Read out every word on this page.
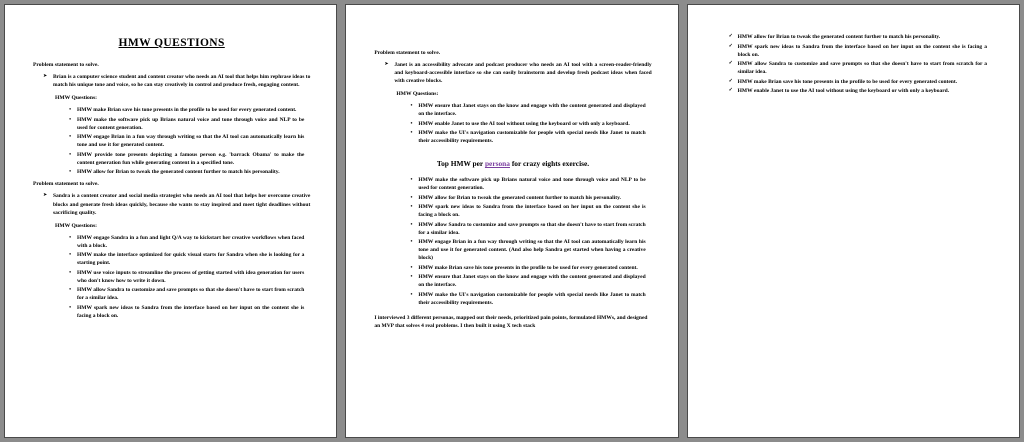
HMW QUESTIONS
Problem statement to solve.
➤	Brian is a computer science student and content creator who needs an AI tool that helps him rephrase ideas to match his unique tone and voice, so he can stay creatively in control and produce fresh, engaging content.
HMW Questions:
● HMW make Brian save his tone presents in the profile to be used for every generated content.
● HMW make the software pick up Brians natural voice and tone through voice and NLP to be used for content generation.
● HMW engage Brian in a fun way through writing so that the AI tool can automatically learn his tone and use it for generated content.
● HMW provide tone presents depicting a famous person e.g. 'barrack Obama' to make the content generation fun while generating content in a specified tone.
● HMW allow for Brian to tweak the generated content further to match his personality.
Problem statement to solve.
➤	Sandra is a content creator and social media strategist who needs an AI tool that helps her overcome creative blocks and generate fresh ideas quickly, because she wants to stay inspired and meet tight deadlines without sacrificing quality.
HMW Questions:
● HMW engage Sandra in a fun and light Q/A way to kickstart her creative workflows when faced with a block.
● HMW make the interface optimized for quick visual starts for Sandra when she is looking for a starting point.
● HMW use voice inputs to streamline the process of getting started with idea generation for users who don't know how to write it down.
● HMW allow Sandra to customize and save prompts so that she doesn't have to start from scratch for a similar idea.
● HMW spark new ideas to Sandra from the interface based on her input on the content she is facing a block on.
Problem statement to solve.
➤	Janet is an accessibility advocate and podcast producer who needs an AI tool with a screen-reader-friendly and keyboard-accessible interface so she can easily brainstorm and develop fresh podcast ideas when faced with creative blocks.
HMW Questions:
● HMW ensure that Janet stays on the know and engage with the content generated and displayed on the interface.
● HMW enable Janet to use the AI tool without using the keyboard or with only a keyboard.
● HMW make the UI's navigation customizable for people with special needs like Janet to match their accessibility requirements.
Top HMW per persona for crazy eights exercise.
● HMW make the software pick up Brians natural voice and tone through voice and NLP to be used for content generation.
● HMW allow for Brian to tweak the generated content further to match his personality.
● HMW spark new ideas to Sandra from the interface based on her input on the content she is facing a block on.
● HMW allow Sandra to customize and save prompts so that she doesn't have to start from scratch for a similar idea.
● HMW engage Brian in a fun way through writing so that the AI tool can automatically learn his tone and use it for generated content. (And also help Sandra get started when having a creative block)
● HMW make Brian save his tone presents in the profile to be used for every generated content.
● HMW ensure that Janet stays on the know and engage with the content generated and displayed on the interface.
● HMW make the UI's navigation customizable for people with special needs like Janet to match their accessibility requirements.
I interviewed 3 different personas, mapped out their needs, prioritized pain points, formulated HMWs, and designed an MVP that solves 4 real problems. I then built it using X tech stack
✓ HMW allow for Brian to tweak the generated content further to match his personality.
✓ HMW spark new ideas to Sandra from the interface based on her input on the content she is facing a block on.
✓ HMW allow Sandra to customize and save prompts so that she doesn't have to start from scratch for a similar idea.
✓ HMW make Brian save his tone presents in the profile to be used for every generated content.
✓ HMW enable Janet to use the AI tool without using the keyboard or with only a keyboard.
